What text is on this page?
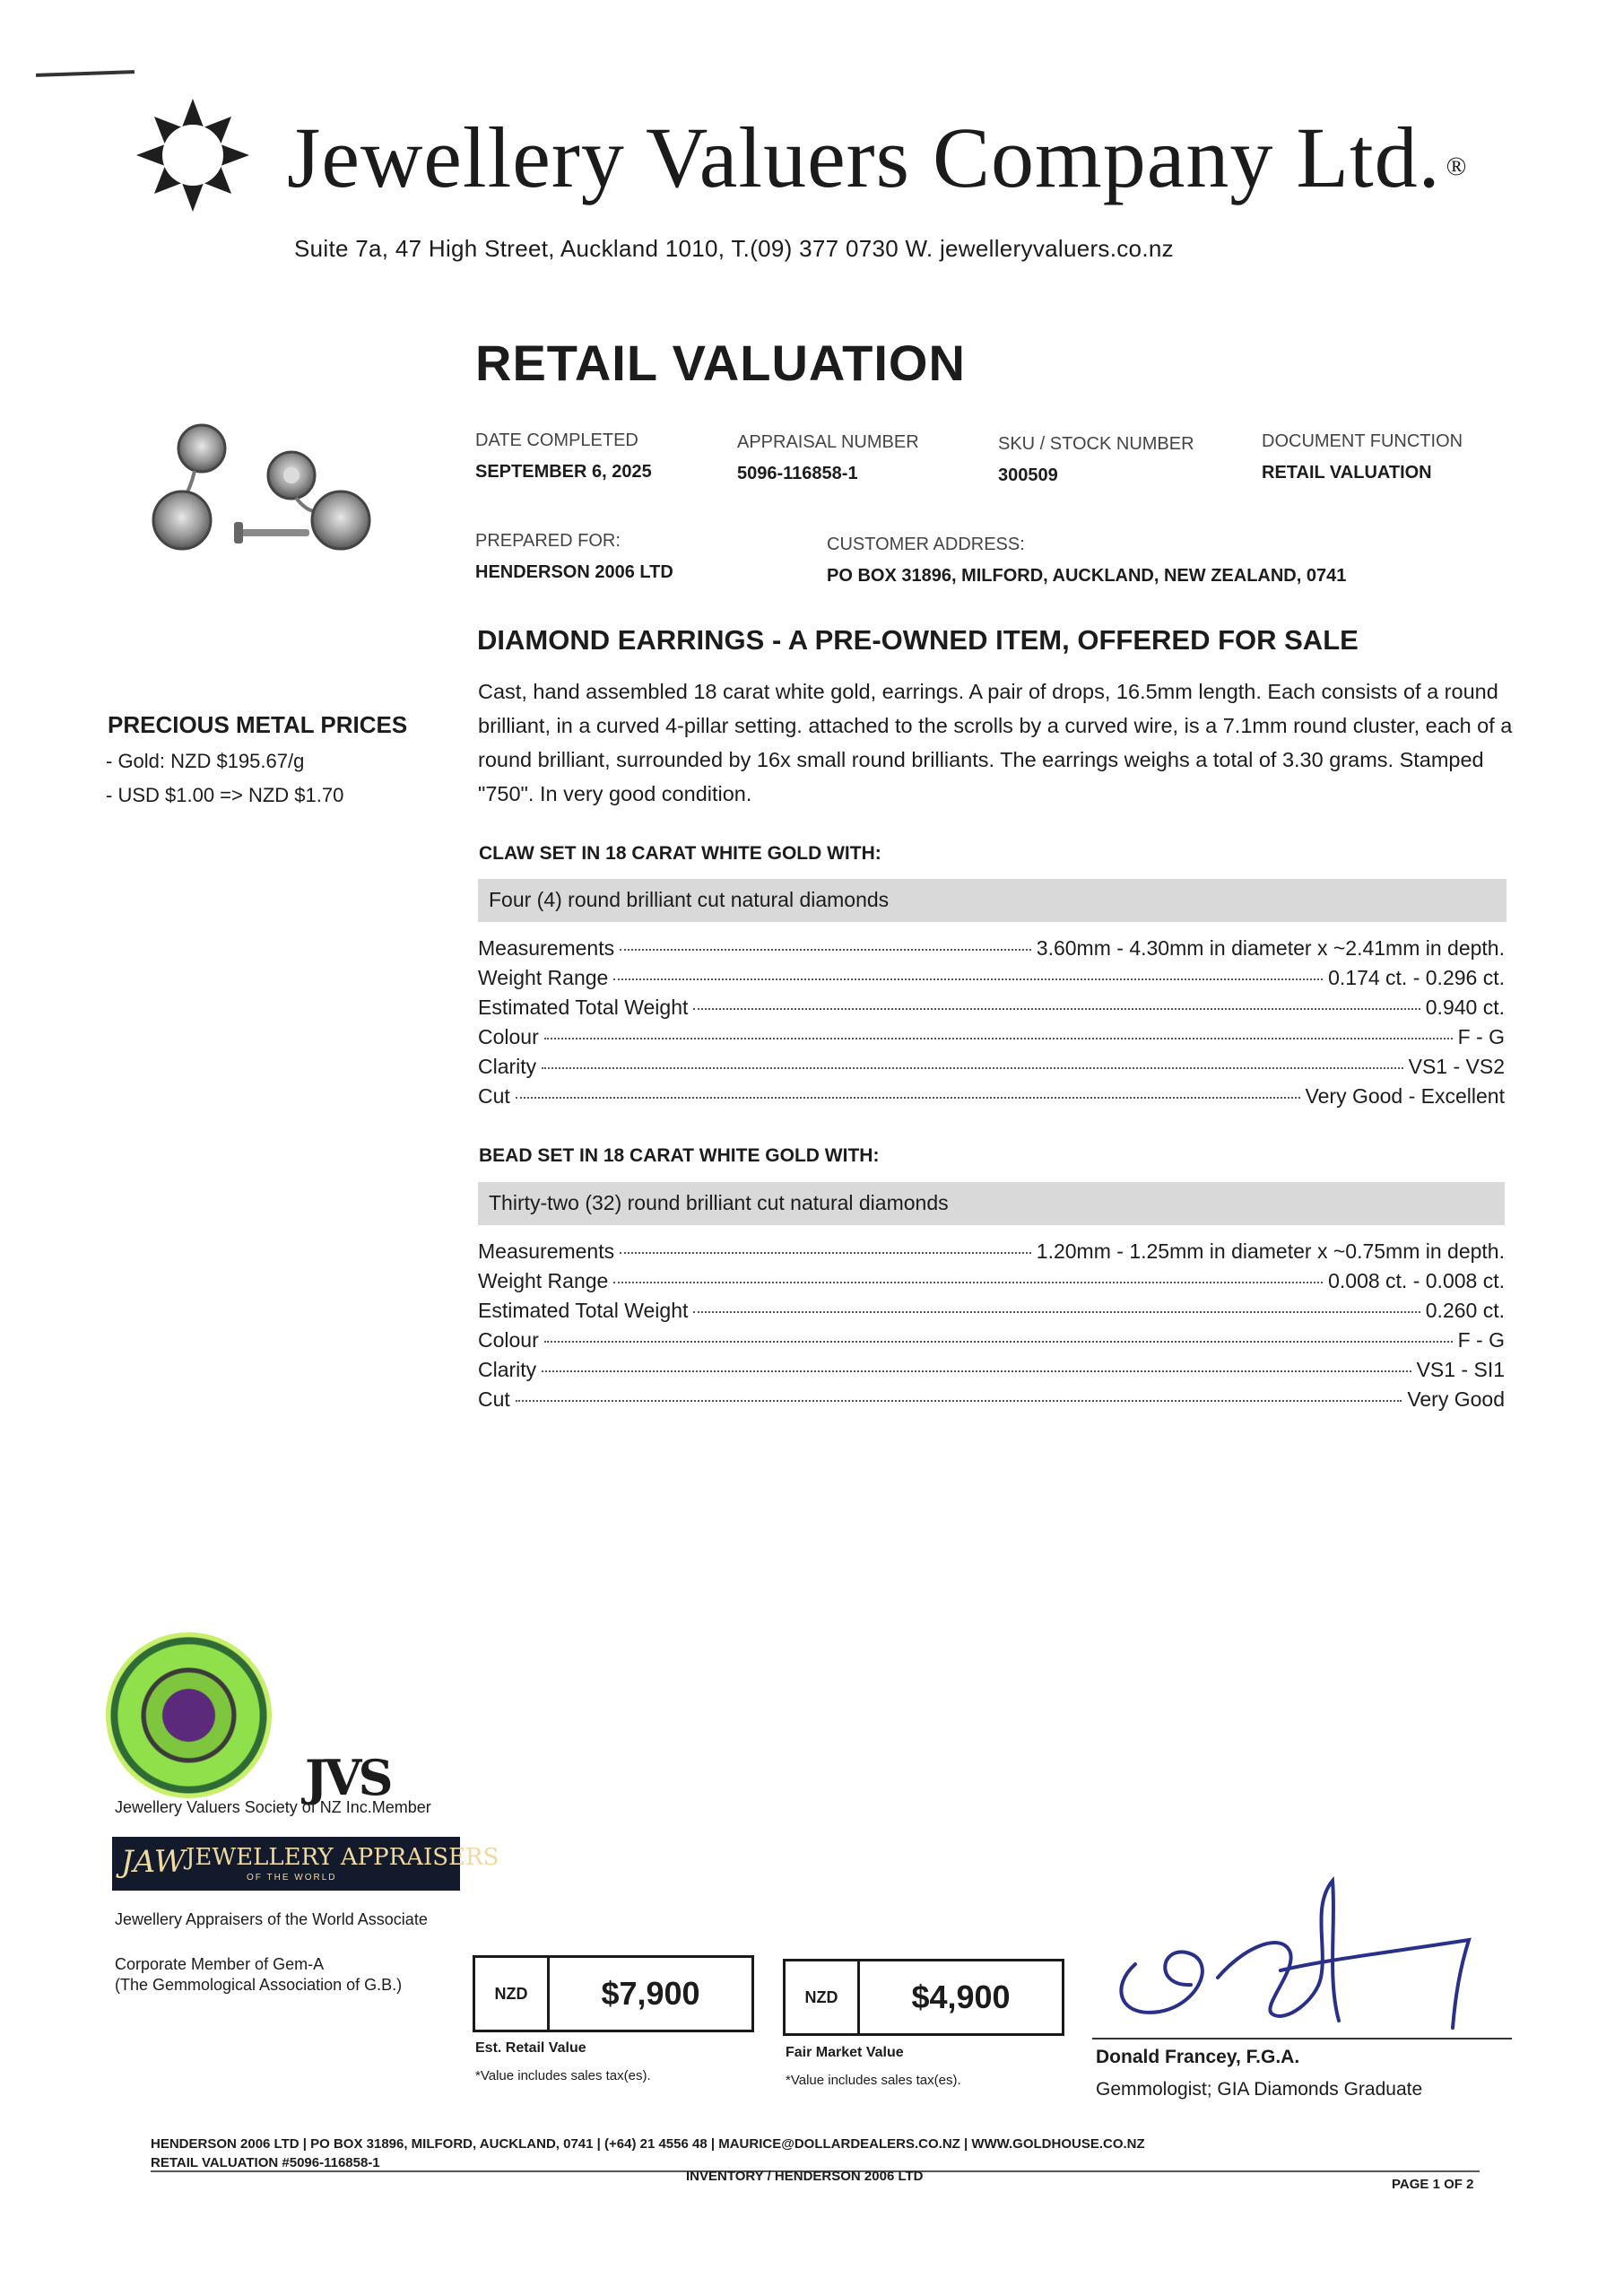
Jewellery Valuers Company Ltd. ®
Suite 7a, 47 High Street, Auckland 1010, T.(09) 377 0730 W. jewelleryvaluers.co.nz
RETAIL VALUATION
DATE COMPLETED
SEPTEMBER 6, 2025
APPRAISAL NUMBER
5096-116858-1
SKU / STOCK NUMBER
300509
DOCUMENT FUNCTION
RETAIL VALUATION
PREPARED FOR:
HENDERSON 2006 LTD
CUSTOMER ADDRESS:
PO BOX 31896, MILFORD, AUCKLAND, NEW ZEALAND, 0741
DIAMOND EARRINGS - A PRE-OWNED ITEM, OFFERED FOR SALE
Cast, hand assembled 18 carat white gold, earrings. A pair of drops, 16.5mm length. Each consists of a round brilliant, in a curved 4-pillar setting. attached to the scrolls by a curved wire, is a 7.1mm round cluster, each of a round brilliant, surrounded by 16x small round brilliants. The earrings weighs a total of 3.30 grams. Stamped "750". In very good condition.
CLAW SET IN 18 CARAT WHITE GOLD WITH:
Four (4) round brilliant cut natural diamonds
Measurements	3.60mm - 4.30mm in diameter x ~2.41mm in depth.
Weight Range	0.174 ct. - 0.296 ct.
Estimated Total Weight	0.940 ct.
Colour	F - G
Clarity	VS1 - VS2
Cut	Very Good - Excellent
BEAD SET IN 18 CARAT WHITE GOLD WITH:
Thirty-two (32) round brilliant cut natural diamonds
Measurements	1.20mm - 1.25mm in diameter x ~0.75mm in depth.
Weight Range	0.008 ct. - 0.008 ct.
Estimated Total Weight	0.260 ct.
Colour	F - G
Clarity	VS1 - SI1
Cut	Very Good
PRECIOUS METAL PRICES
- Gold: NZD $195.67/g
- USD $1.00 => NZD $1.70
JVS
Jewellery Valuers Society of NZ Inc.Member
JAW JEWELLERY APPRAISERS
OF THE WORLD
Jewellery Appraisers of the World Associate
Corporate Member of Gem-A
(The Gemmological Association of G.B.)	NZD	$7,900
Est. Retail Value
*Value includes sales tax(es).
NZD	$4,900
Fair Market Value
*Value includes sales tax(es).
Donald Francey, F.G.A.
Gemmologist; GIA Diamonds Graduate
HENDERSON 2006 LTD | PO BOX 31896, MILFORD, AUCKLAND, 0741 | (+64) 21 4556 48 | MAURICE@DOLLARDEALERS.CO.NZ | WWW.GOLDHOUSE.CO.NZ
RETAIL VALUATION #5096-116858-1
INVENTORY / HENDERSON 2006 LTD
PAGE 1 OF 2
